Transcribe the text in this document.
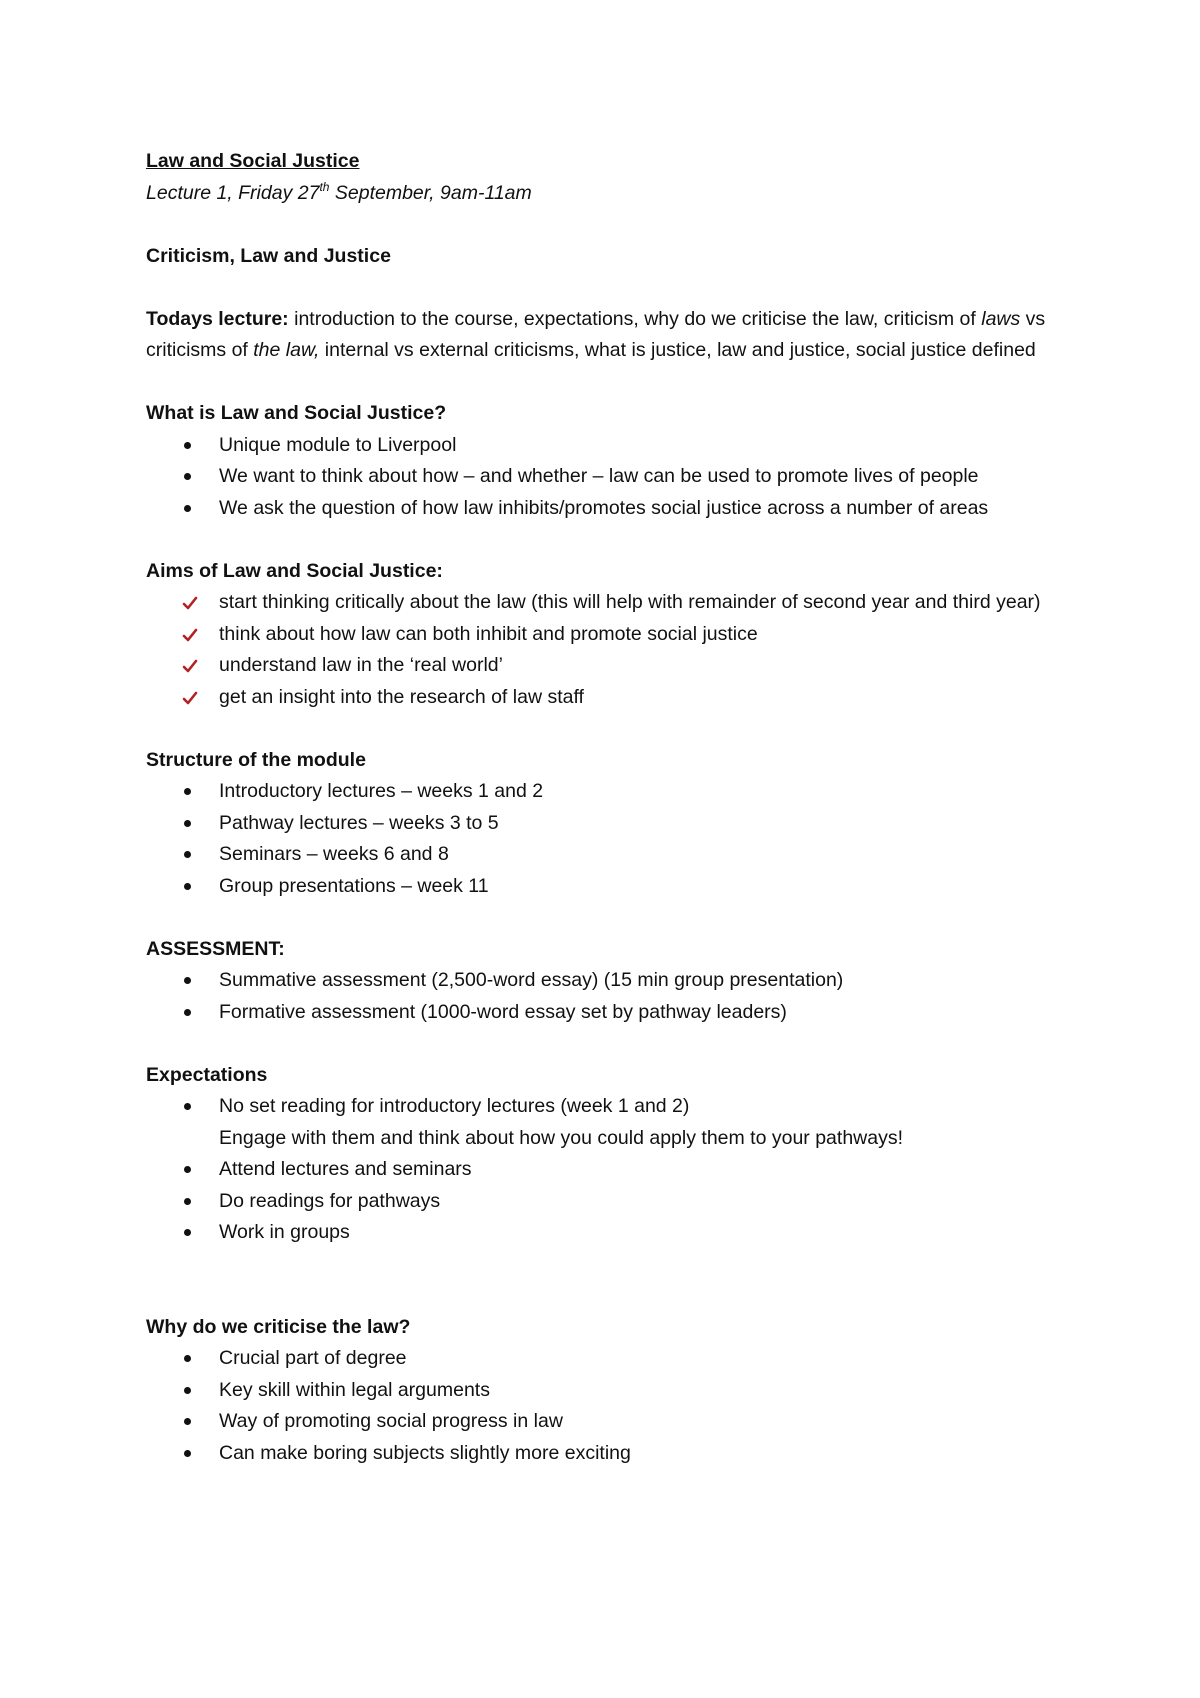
Law and Social Justice
Lecture 1, Friday 27th September, 9am-11am
Criticism, Law and Justice
Todays lecture: introduction to the course, expectations, why do we criticise the law, criticism of laws vs criticisms of the law, internal vs external criticisms, what is justice, law and justice, social justice defined
What is Law and Social Justice?
Unique module to Liverpool
We want to think about how – and whether – law can be used to promote lives of people
We ask the question of how law inhibits/promotes social justice across a number of areas
Aims of Law and Social Justice:
start thinking critically about the law (this will help with remainder of second year and third year)
think about how law can both inhibit and promote social justice
understand law in the ‘real world’
get an insight into the research of law staff
Structure of the module
Introductory lectures – weeks 1 and 2
Pathway lectures – weeks 3 to 5
Seminars – weeks 6 and 8
Group presentations – week 11
ASSESSMENT:
Summative assessment (2,500-word essay) (15 min group presentation)
Formative assessment (1000-word essay set by pathway leaders)
Expectations
No set reading for introductory lectures (week 1 and 2)
Engage with them and think about how you could apply them to your pathways!
Attend lectures and seminars
Do readings for pathways
Work in groups
Why do we criticise the law?
Crucial part of degree
Key skill within legal arguments
Way of promoting social progress in law
Can make boring subjects slightly more exciting
